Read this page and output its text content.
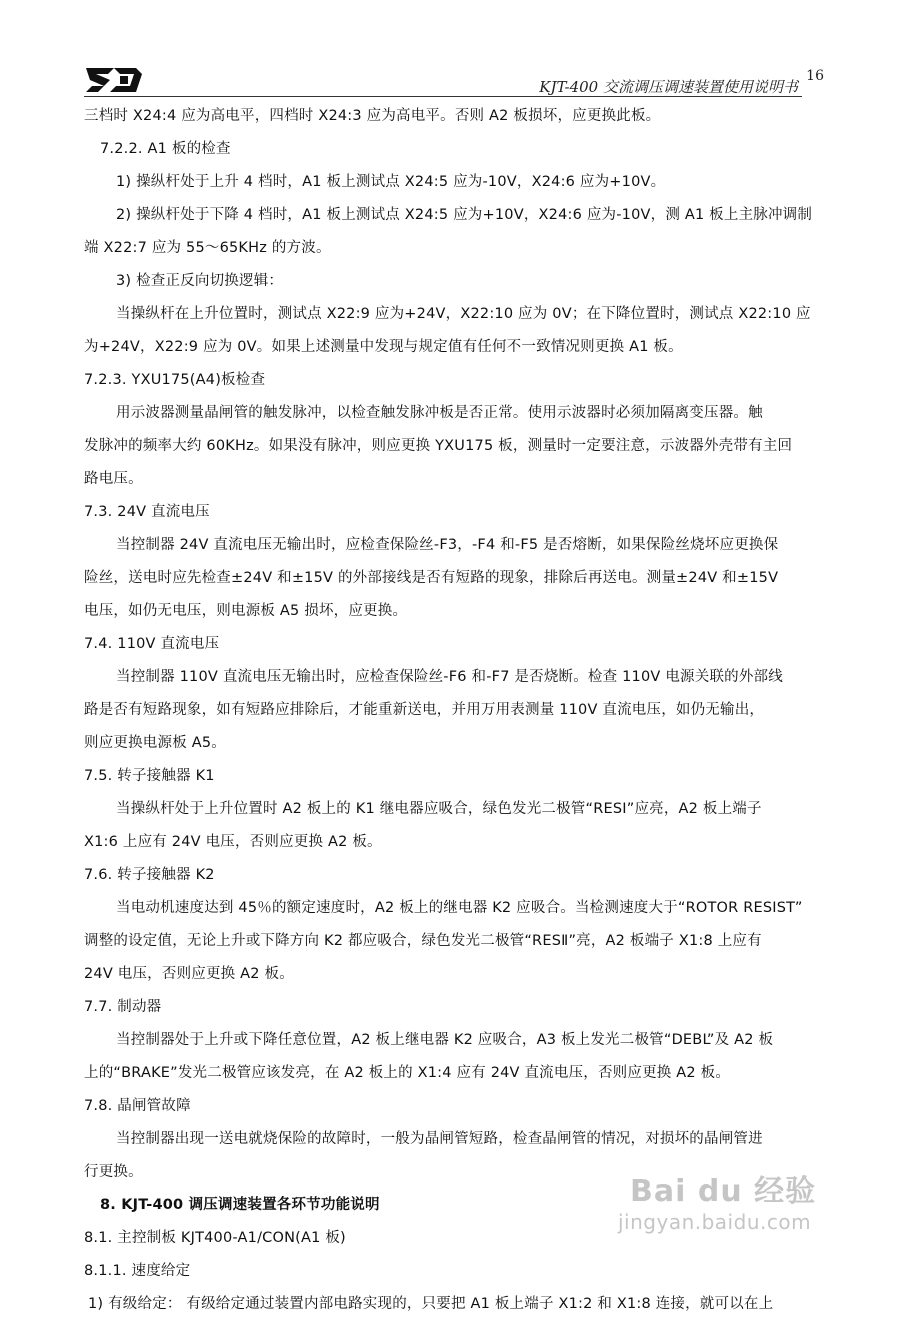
KJT-400 交流调压调速装置使用说明书
16
三档时 X24:4 应为高电平，四档时 X24:3 应为高电平。否则 A2 板损坏，应更换此板。
7.2.2. A1 板的检查
1) 操纵杆处于上升 4 档时，A1 板上测试点 X24:5 应为-10V，X24:6 应为+10V。
2) 操纵杆处于下降 4 档时，A1 板上测试点 X24:5 应为+10V，X24:6 应为-10V，测 A1 板上主脉冲调制
端 X22:7 应为 55～65KHz 的方波。
3) 检查正反向切换逻辑：
当操纵杆在上升位置时，测试点 X22:9 应为+24V，X22:10 应为 0V；在下降位置时，测试点 X22:10 应
为+24V，X22:9 应为 0V。如果上述测量中发现与规定值有任何不一致情况则更换 A1 板。
7.2.3. YXU175(A4)板检查
用示波器测量晶闸管的触发脉冲，以检查触发脉冲板是否正常。使用示波器时必须加隔离变压器。触
发脉冲的频率大约 60KHz。如果没有脉冲，则应更换 YXU175 板，测量时一定要注意，示波器外壳带有主回
路电压。
7.3. 24V 直流电压
当控制器 24V 直流电压无输出时，应检查保险丝-F3，-F4 和-F5 是否熔断，如果保险丝烧坏应更换保
险丝，送电时应先检查±24V 和±15V 的外部接线是否有短路的现象，排除后再送电。测量±24V 和±15V
电压，如仍无电压，则电源板 A5 损坏，应更换。
7.4. 110V 直流电压
当控制器 110V 直流电压无输出时，应检查保险丝-F6 和-F7 是否烧断。检查 110V 电源关联的外部线
路是否有短路现象，如有短路应排除后，才能重新送电，并用万用表测量 110V 直流电压，如仍无输出，
则应更换电源板 A5。
7.5. 转子接触器 K1
当操纵杆处于上升位置时 A2 板上的 K1 继电器应吸合，绿色发光二极管“RESⅠ”应亮，A2 板上端子
X1:6 上应有 24V 电压，否则应更换 A2 板。
7.6. 转子接触器 K2
当电动机速度达到 45％的额定速度时，A2 板上的继电器 K2 应吸合。当检测速度大于“ROTOR RESIST”
调整的设定值，无论上升或下降方向 K2 都应吸合，绿色发光二极管“RESⅡ”亮，A2 板端子 X1:8 上应有
24V 电压，否则应更换 A2 板。
7.7. 制动器
当控制器处于上升或下降任意位置，A2 板上继电器 K2 应吸合，A3 板上发光二极管“DEBL”及 A2 板
上的“BRAKE”发光二极管应该发亮，在 A2 板上的 X1:4 应有 24V 直流电压，否则应更换 A2 板。
7.8. 晶闸管故障
当控制器出现一送电就烧保险的故障时，一般为晶闸管短路，检查晶闸管的情况，对损坏的晶闸管进
行更换。
8. KJT-400 调压调速装置各环节功能说明
8.1. 主控制板 KJT400-A1/CON(A1 板)
8.1.1. 速度给定
1) 有级给定： 有级给定通过装置内部电路实现的，只要把 A1 板上端子 X1:2 和 X1:8 连接，就可以在上
Bai du 经验
jingyan.baidu.com
